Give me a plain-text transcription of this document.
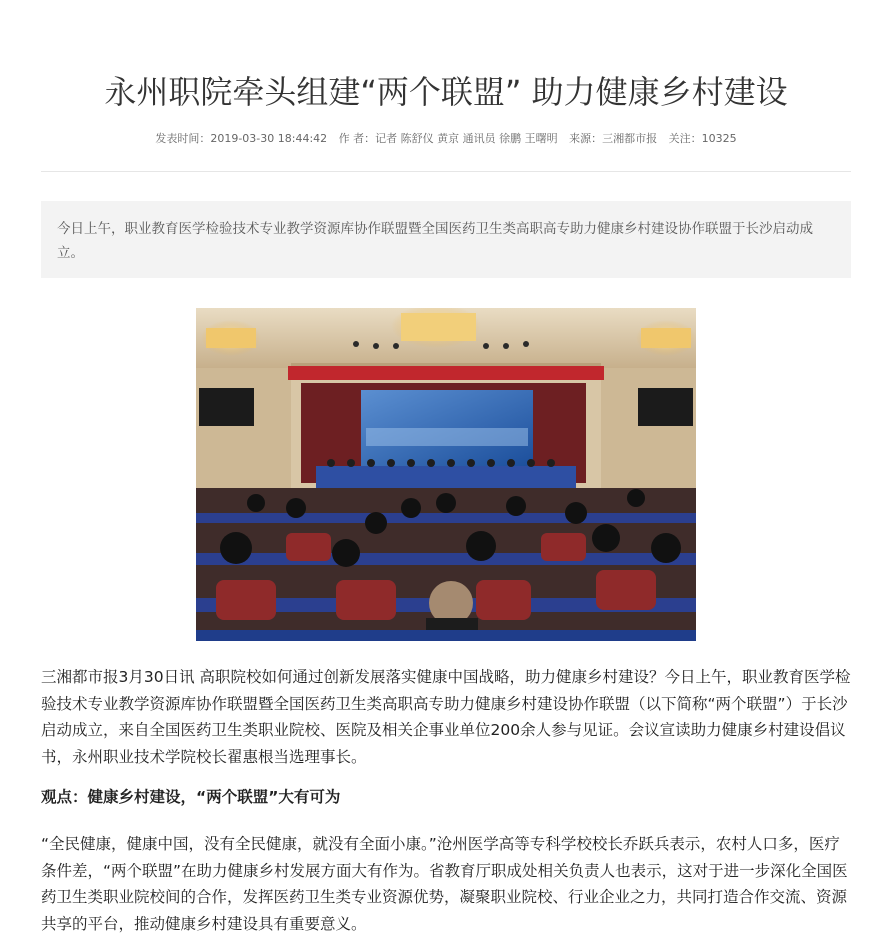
永州职院牵头组建“两个联盟” 助力健康乡村建设
发表时间：2019-03-30 18:44:42 作 者：记者 陈舒仪 黄京 通讯员 徐鹏 王曙明 来源：三湘都市报 关注：10325
今日上午，职业教育医学检验技术专业教学资源库协作联盟暨全国医药卫生类高职高专助力健康乡村建设协作联盟于长沙启动成立。

三湘都市报3月30日讯 高职院校如何通过创新发展落实健康中国战略，助力健康乡村建设？今日上午，职业教育医学检验技术专业教学资源库协作联盟暨全国医药卫生类高职高专助力健康乡村建设协作联盟（以下简称“两个联盟”）于长沙启动成立，来自全国医药卫生类职业院校、医院及相关企事业单位200余人参与见证。会议宣读助力健康乡村建设倡议书，永州职业技术学院校长翟惠根当选理事长。

观点：健康乡村建设，“两个联盟”大有可为

“全民健康，健康中国，没有全民健康，就没有全面小康。”沧州医学高等专科学校校长乔跃兵表示，农村人口多，医疗条件差，“两个联盟”在助力健康乡村发展方面大有作为。省教育厅职成处相关负责人也表示，这对于进一步深化全国医药卫生类职业院校间的合作，发挥医药卫生类专业资源优势，凝聚职业院校、行业企业之力，共同打造合作交流、资源共享的平台，推动健康乡村建设具有重要意义。
